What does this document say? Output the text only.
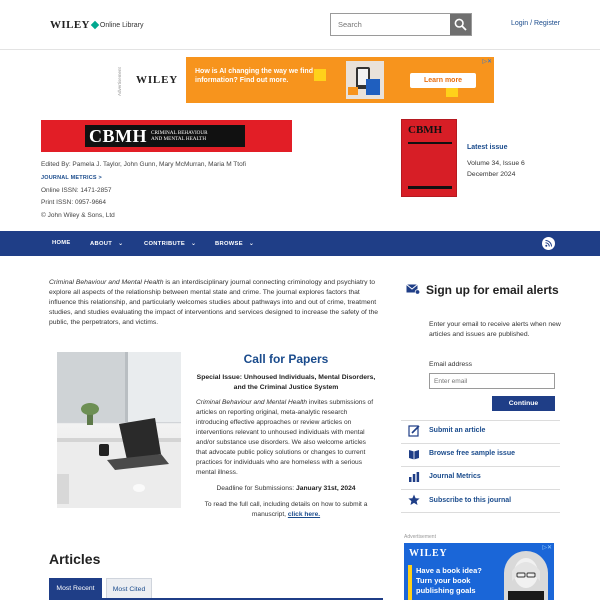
WILEY Online Library
Search	Login / Register
Advertisement	WILEY
How is AI changing the way we find information? Find out more.	Learn more
▷✕
CBMH CRIMINAL BEHAVIOUR
AND MENTAL HEALTH
Edited By: Pamela J. Taylor, John Gunn, Mary McMurran, Maria M Ttofi
JOURNAL METRICS >
Online ISSN: 1471-2857
Print ISSN: 0957-9664
© John Wiley & Sons, Ltd
CBMH
Latest issue
Volume 34, Issue 6
December 2024
HOME	ABOUT ⌄	CONTRIBUTE ⌄	BROWSE ⌄
Criminal Behaviour and Mental Health is an interdisciplinary journal connecting criminology and psychiatry to explore all aspects of the relationship between mental state and crime. The journal explores factors that influence this relationship, and particularly welcomes studies about pathways into and out of crime, treatment studies, and studies evaluating the impact of interventions and services designed to increase the safety of the public, the perpetrators, and victims.
Call for Papers
Special Issue: Unhoused Individuals, Mental Disorders, and the Criminal Justice System
Criminal Behaviour and Mental Health invites submissions of articles on reporting original, meta-analytic research introducing effective approaches or review articles on interventions relevant to unhoused individuals with mental and/or substance use disorders. We also welcome articles that advocate public policy solutions or changes to current practices for individuals who are homeless with a serious mental illness.
Deadline for Submissions: January 31st, 2024
To read the full call, including details on how to submit a manuscript, click here.
Articles
Most Recent	Most Cited
Sign up for email alerts
Enter your email to receive alerts when new articles and issues are published.
Email address
Enter email
Continue
Submit an article
Browse free sample issue
Journal Metrics
Subscribe to this journal
Advertisement
WILEY
Have a book idea? Turn your book publishing goals
▷✕
